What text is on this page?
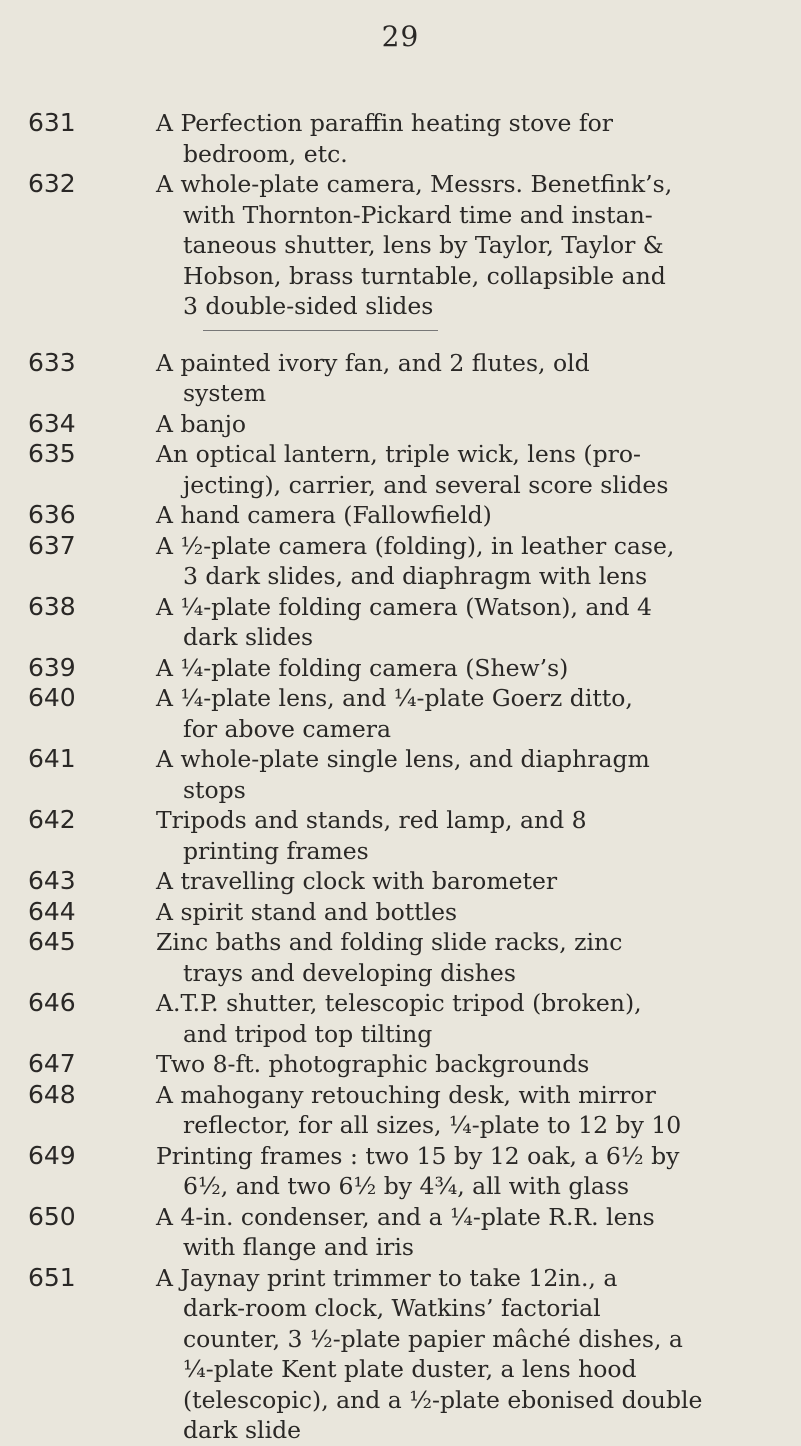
29
631	A Perfection paraffin heating stove for
bedroom, etc.
632	A whole-plate camera, Messrs. Benetfink’s,
with Thornton-Pickard time and instan-
taneous shutter, lens by Taylor, Taylor &
Hobson, brass turntable, collapsible and
3 double-sided slides
633	A painted ivory fan, and 2 flutes, old
system
634	A banjo
635	An optical lantern, triple wick, lens (pro-
jecting), carrier, and several score slides
636	A hand camera (Fallowfield)
637	A ½-plate camera (folding), in leather case,
3 dark slides, and diaphragm with lens
638	A ¼-plate folding camera (Watson), and 4
dark slides
639	A ¼-plate folding camera (Shew’s)
640	A ¼-plate lens, and ¼-plate Goerz ditto,
for above camera
641	A whole-plate single lens, and diaphragm
stops
642	Tripods and stands, red lamp, and 8
printing frames
643	A travelling clock with barometer
644	A spirit stand and bottles
645	Zinc baths and folding slide racks, zinc
trays and developing dishes
646	A.T.P. shutter, telescopic tripod (broken),
and tripod top tilting
647	Two 8-ft. photographic backgrounds
648	A mahogany retouching desk, with mirror
reflector, for all sizes, ¼-plate to 12 by 10
649	Printing frames : two 15 by 12 oak, a 6½ by
6½, and two 6½ by 4¾, all with glass
650	A 4-in. condenser, and a ¼-plate R.R. lens
with flange and iris
651	A Jaynay print trimmer to take 12in., a
dark-room clock, Watkins’ factorial
counter, 3 ½-plate papier mâché dishes, a
¼-plate Kent plate duster, a lens hood
(telescopic), and a ½-plate ebonised double
dark slide
